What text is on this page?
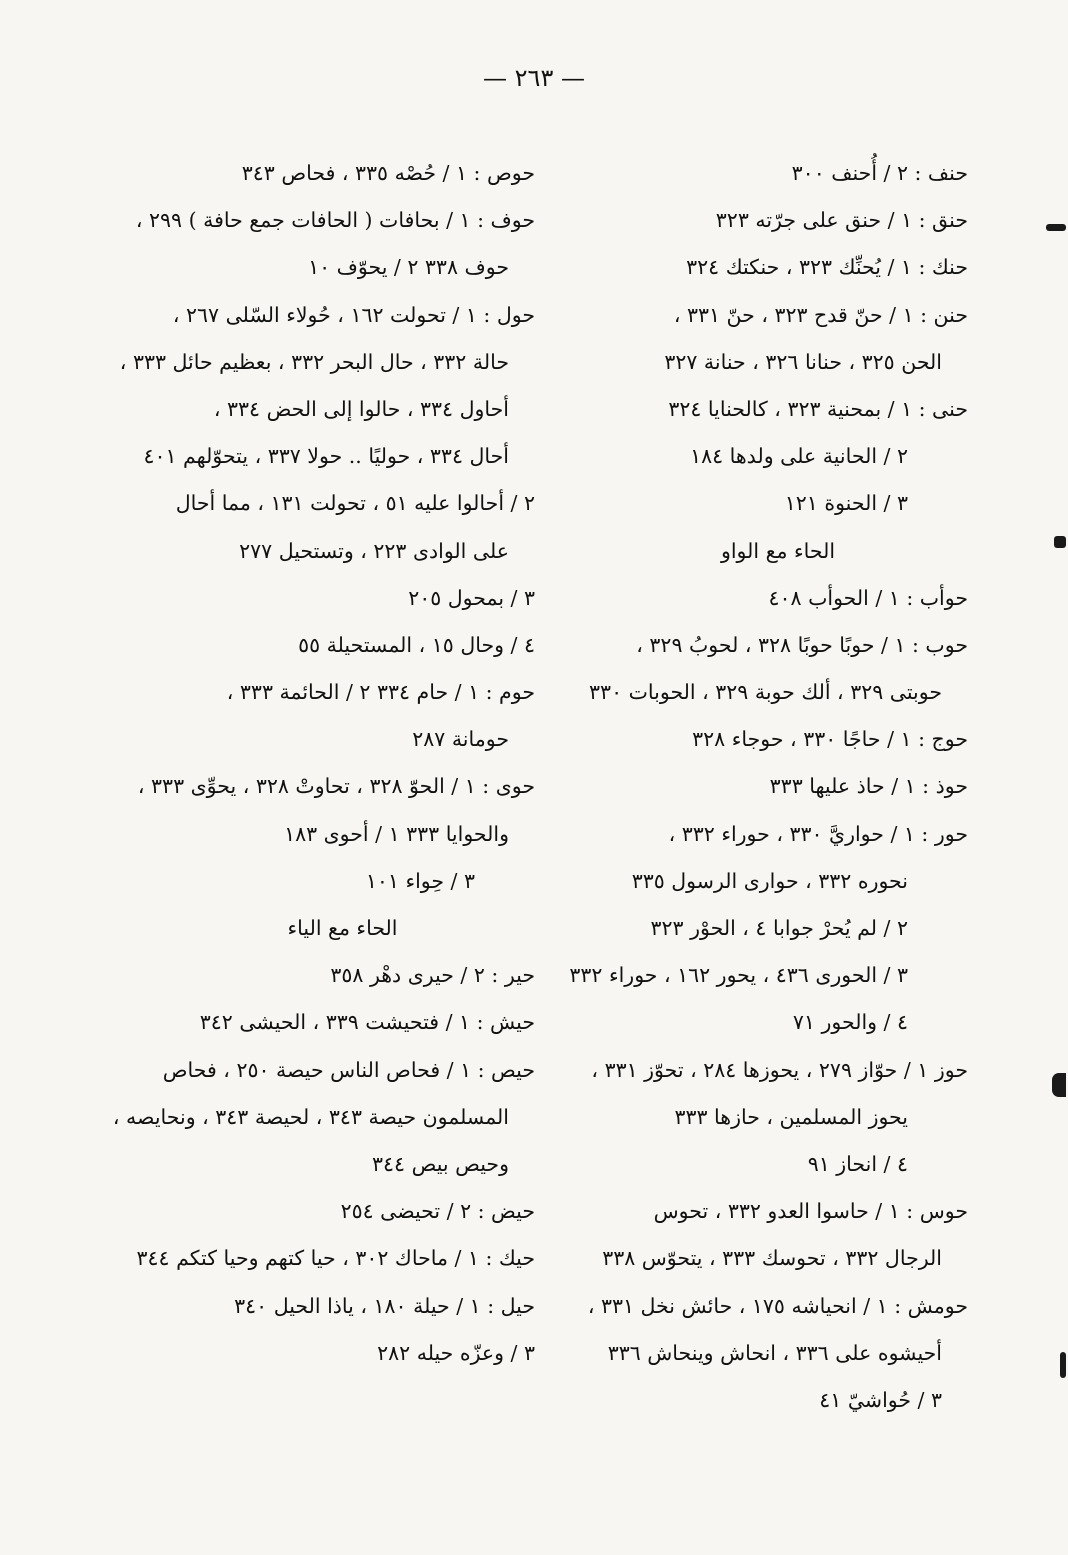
— ٢٦٣ —
حنف : ٢ / أُحنف ٣٠٠
حنق : ١ / حنق على جرّته ٣٢٣
حنك : ١ / يُحنِّك ٣٢٣ ، حنكتك ٣٢٤
حنن : ١ / حنّ قدح ٣٢٣ ، حنّ ٣٣١ ،
الحن ٣٢٥ ، حنانا ٣٢٦ ، حنانة ٣٢٧
حنى : ١ / بمحنية ٣٢٣ ، كالحنايا ٣٢٤
٢ / الحانية على ولدها ١٨٤
٣ / الحنوة ١٢١
الحاء مع الواو
حوأب : ١ / الحوأب ٤٠٨
حوب : ١ / حوبًا حوبًا ٣٢٨ ، لحوبُ ٣٢٩ ،
حوبتى ٣٢٩ ، ألك حوبة ٣٢٩ ، الحوبات ٣٣٠
حوج : ١ / حاجًا ٣٣٠ ، حوجاء ٣٢٨
حوذ : ١ / حاذ عليها ٣٣٣
حور : ١ / حواريَّ ٣٣٠ ، حوراء ٣٣٢ ،
نحوره ٣٣٢ ، حوارى الرسول ٣٣٥
٢ / لم يُحرْ جوابا ٤ ، الحوْر ٣٢٣
٣ / الحورى ٤٣٦ ، يحور ١٦٢ ، حوراء ٣٣٢
٤ / والحور ٧١
حوز ١ / حوّاز ٢٧٩ ، يحوزها ٢٨٤ ، تحوّز ٣٣١ ،
يحوز المسلمين ، حازها ٣٣٣
٤ / انحاز ٩١
حوس : ١ / حاسوا العدو ٣٣٢ ، تحوس
الرجال ٣٣٢ ، تحوسك ٣٣٣ ، يتحوّس ٣٣٨
حومش : ١ / انحياشه ١٧٥ ، حائش نخل ٣٣١ ،
أحيشوه على ٣٣٦ ، انحاش وينحاش ٣٣٦
٣ / حُواشيّ ٤١
حوص : ١ / حُصْه ٣٣٥ ، فحاص ٣٤٣
حوف : ١ / بحافات ( الحافات جمع حافة ) ٢٩٩ ،
حوف ٣٣٨ ٢ / يحوّف ١٠
حول : ١ / تحولت ١٦٢ ، حُولاء السّلى ٢٦٧ ،
حالة ٣٣٢ ، حال البحر ٣٣٢ ، بعظيم حائل ٣٣٣ ،
أحاول ٣٣٤ ، حالوا إلى الحض ٣٣٤ ،
أحال ٣٣٤ ، حوليًا .. حولا ٣٣٧ ، يتحوّلهم ٤٠١
٢ / أحالوا عليه ٥١ ، تحولت ١٣١ ، مما أحال
على الوادى ٢٢٣ ، وتستحيل ٢٧٧
٣ / بمحول ٢٠٥
٤ / وحال ١٥ ، المستحيلة ٥٥
حوم : ١ / حام ٣٣٤ ٢ / الحائمة ٣٣٣ ،
حومانة ٢٨٧
حوى : ١ / الحوّ ٣٢٨ ، تحاوتْ ٣٢٨ ، يحوِّى ٣٣٣ ،
والحوايا ٣٣٣ ١ / أحوى ١٨٣
٣ / حِواء ١٠١
الحاء مع الياء
حير : ٢ / حيرى دهْر ٣٥٨
حيش : ١ / فتحيشت ٣٣٩ ، الحيشى ٣٤٢
حيص : ١ / فحاص الناس حيصة ٢٥٠ ، فحاص
المسلمون حيصة ٣٤٣ ، لحيصة ٣٤٣ ، ونحايصه ،
وحيص بيص ٣٤٤
حيض : ٢ / تحيضى ٢٥٤
حيك : ١ / ماحاك ٣٠٢ ، حيا كتهم وحيا كتكم ٣٤٤
حيل : ١ / حيلة ١٨٠ ، ياذا الحيل ٣٤٠
٣ / وعزّه حيله ٢٨٢
